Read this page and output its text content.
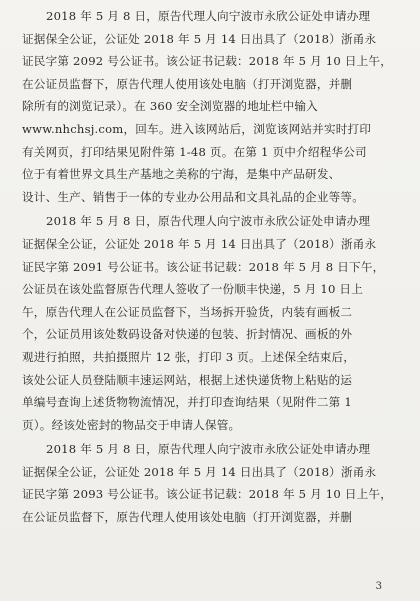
2018 年 5 月 8 日，原告代理人向宁波市永欣公证处申请办理
证据保全公证，公证处 2018 年 5 月 14 日出具了（2018）浙甬永
证民字第 2092 号公证书。该公证书记载：2018 年 5 月 10 日上午，
在公证员监督下，原告代理人使用该处电脑（打开浏览器，并删
除所有的浏览记录）。在 360 安全浏览器的地址栏中输入
www.nhchsj.com，回车。进入该网站后，浏览该网站并实时打印
有关网页，打印结果见附件第 1-48 页。在第 1 页中介绍程华公司
位于有着世界文具生产基地之美称的宁海，是集中产品研发、
设计、生产、销售于一体的专业办公用品和文具礼品的企业等等。
2018 年 5 月 8 日，原告代理人向宁波市永欣公证处申请办理
证据保全公证，公证处 2018 年 5 月 14 日出具了（2018）浙甬永
证民字第 2091 号公证书。该公证书记载：2018 年 5 月 8 日下午，
公证员在该处监督原告代理人签收了一份顺丰快递，5 月 10 日上
午，原告代理人在公证员监督下，当场拆开验货，内装有画板二
个，公证员用该处数码设备对快递的包装、折封情况、画板的外
观进行拍照，共拍摄照片 12 张，打印 3 页。上述保全结束后，
该处公证人员登陆顺丰速运网站，根据上述快递货物上粘贴的运
单编号查询上述货物物流情况，并打印查询结果（见附件二第 1
页）。经该处密封的物品交于申请人保管。
2018 年 5 月 8 日，原告代理人向宁波市永欣公证处申请办理
证据保全公证，公证处 2018 年 5 月 14 日出具了（2018）浙甬永
证民字第 2093 号公证书。该公证书记载：2018 年 5 月 10 日上午，
在公证员监督下，原告代理人使用该处电脑（打开浏览器，并删
3
